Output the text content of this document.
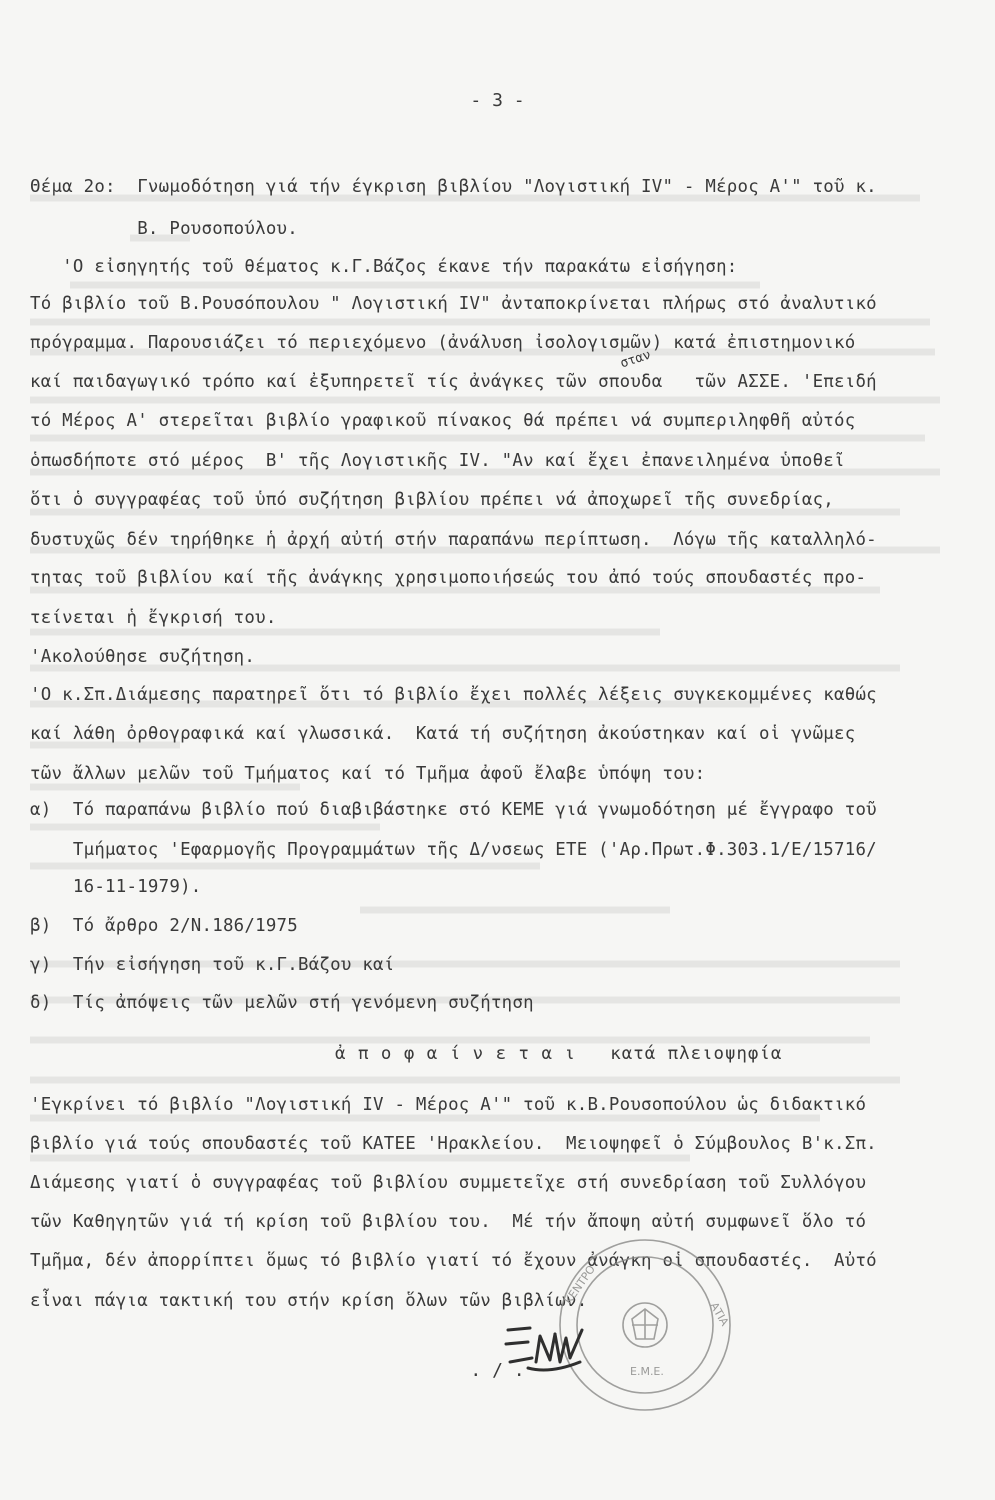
- 3 -
Θέμα 2ο:  Γνωμοδότηση γιά τήν έγκριση βιβλίου "Λογιστική IV" - Μέρος Α'" τοῦ κ.
Β. Ρουσοπούλου.
'Ο εἰσηγητής τοῦ θέματος κ.Γ.Βάζος έκανε τήν παρακάτω εἰσήγηση:
Τό βιβλίο τοῦ Β.Ρουσόπουλου " Λογιστική IV" ἀνταποκρίνεται πλήρως στό ἀναλυτικό
πρόγραμμα. Παρουσιάζει τό περιεχόμενο (ἀνάλυση ἰσολογισμῶν) κατά ἐπιστημονικό
καί παιδαγωγικό τρόπο καί ἐξυπηρετεῖ τίς ἀνάγκες τῶν σπουδα   τῶν ΑΣΣΕ. 'Επειδή
σταν
τό Μέρος Α' στερεῖται βιβλίο γραφικοῦ πίνακος θά πρέπει νά συμπεριληφθῆ αὐτός
ὁπωσδήποτε στό μέρος  Β' τῆς Λογιστικῆς IV. "Αν καί ἔχει ἐπανειλημένα ὑποθεῖ
ὅτι ὁ συγγραφέας τοῦ ὑπό συζήτηση βιβλίου πρέπει νά ἀποχωρεῖ τῆς συνεδρίας,
δυστυχῶς δέν τηρήθηκε ἡ ἀρχή αὐτή στήν παραπάνω περίπτωση.  Λόγω τῆς καταλληλό-
τητας τοῦ βιβλίου καί τῆς ἀνάγκης χρησιμοποιήσεώς του ἀπό τούς σπουδαστές προ-
τείνεται ἡ ἔγκρισή του.
'Ακολούθησε συζήτηση.
'Ο κ.Σπ.Διάμεσης παρατηρεῖ ὅτι τό βιβλίο ἔχει πολλές λέξεις συγκεκομμένες καθώς
καί λάθη ὀρθογραφικά καί γλωσσικά.  Κατά τή συζήτηση ἀκούστηκαν καί οἱ γνῶμες
τῶν ἄλλων μελῶν τοῦ Τμήματος καί τό Τμῆμα ἀφοῦ ἔλαβε ὑπόψη του:
α)  Τό παραπάνω βιβλίο πού διαβιβάστηκε στό ΚΕΜΕ γιά γνωμοδότηση μέ ἔγγραφο τοῦ
Τμήματος 'Εφαρμογῆς Προγραμμάτων τῆς Δ/νσεως ΕΤΕ ('Αρ.Πρωτ.Φ.303.1/Ε/15716/
16-11-1979).
β)  Τό ἄρθρο 2/Ν.186/1975
γ)  Τήν εἰσήγηση τοῦ κ.Γ.Βάζου καί
δ)  Τίς ἀπόψεις τῶν μελῶν στή γενόμενη συζήτηση
ἀ π ο φ α ί ν ε τ α ι κατά πλειοψηφία
'Εγκρίνει τό βιβλίο "Λογιστική IV - Μέρος Α'" τοῦ κ.Β.Ρουσοπούλου ὡς διδακτικό
βιβλίο γιά τούς σπουδαστές τοῦ ΚΑΤΕΕ 'Ηρακλείου.  Μειοψηφεῖ ὁ Σύμβουλος Β'κ.Σπ.
Διάμεσης γιατί ὁ συγγραφέας τοῦ βιβλίου συμμετεῖχε στή συνεδρίαση τοῦ Συλλόγου
τῶν Καθηγητῶν γιά τή κρίση τοῦ βιβλίου του.  Μέ τήν ἄποψη αὐτή συμφωνεῖ ὅλο τό
Τμῆμα, δέν ἀπορρίπτει ὅμως τό βιβλίο γιατί τό ἔχουν ἀνάγκη οἱ σπουδαστές.  Αὐτό
εἶναι πάγια τακτική του στήν κρίση ὅλων τῶν βιβλίων.
ΚΕΝΤΡΟ
ΑΤΙΑ
Ε.Μ.Ε.
. / .
